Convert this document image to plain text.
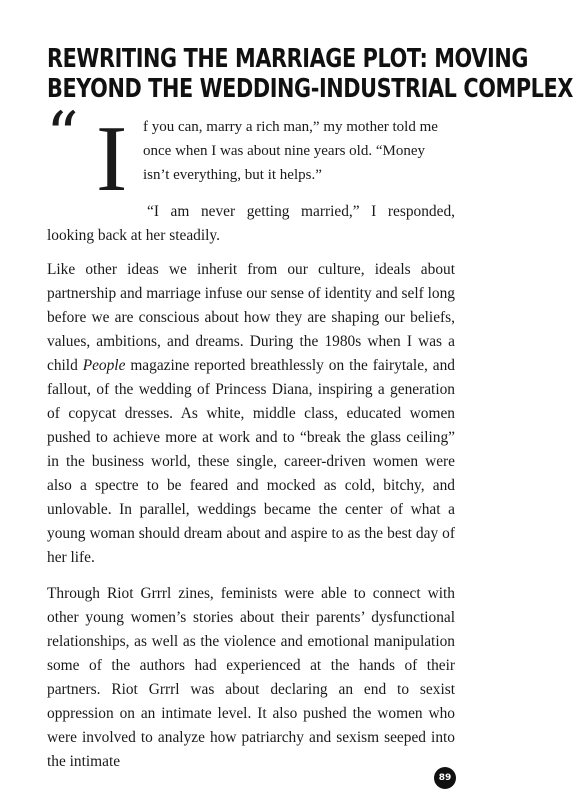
REWRITING THE MARRIAGE PLOT: MOVING
BEYOND THE WEDDING-INDUSTRIAL COMPLEX
“ I f you can, marry a rich man,” my mother told me
once when I was about nine years old. “Money
isn’t everything, but it helps.”

“I am never getting married,” I responded, looking back at her steadily.

Like other ideas we inherit from our culture, ideals about partnership and marriage infuse our sense of identity and self long before we are conscious about how they are shaping our beliefs, values, ambitions, and dreams. During the 1980s when I was a child People magazine reported breathlessly on the fairytale, and fallout, of the wedding of Princess Diana, inspiring a generation of copycat dresses. As white, middle class, educated women pushed to achieve more at work and to “break the glass ceiling” in the business world, these single, career-driven women were also a spectre to be feared and mocked as cold, bitchy, and unlovable. In parallel, weddings became the center of what a young woman should dream about and aspire to as the best day of her life.

Through Riot Grrrl zines, feminists were able to connect with other young women’s stories about their parents’ dysfunctional relationships, as well as the violence and emotional manipulation some of the authors had experienced at the hands of their partners. Riot Grrrl was about declaring an end to sexist oppression on an intimate level. It also pushed the women who were involved to analyze how patriarchy and sexism seeped into the intimate

89
